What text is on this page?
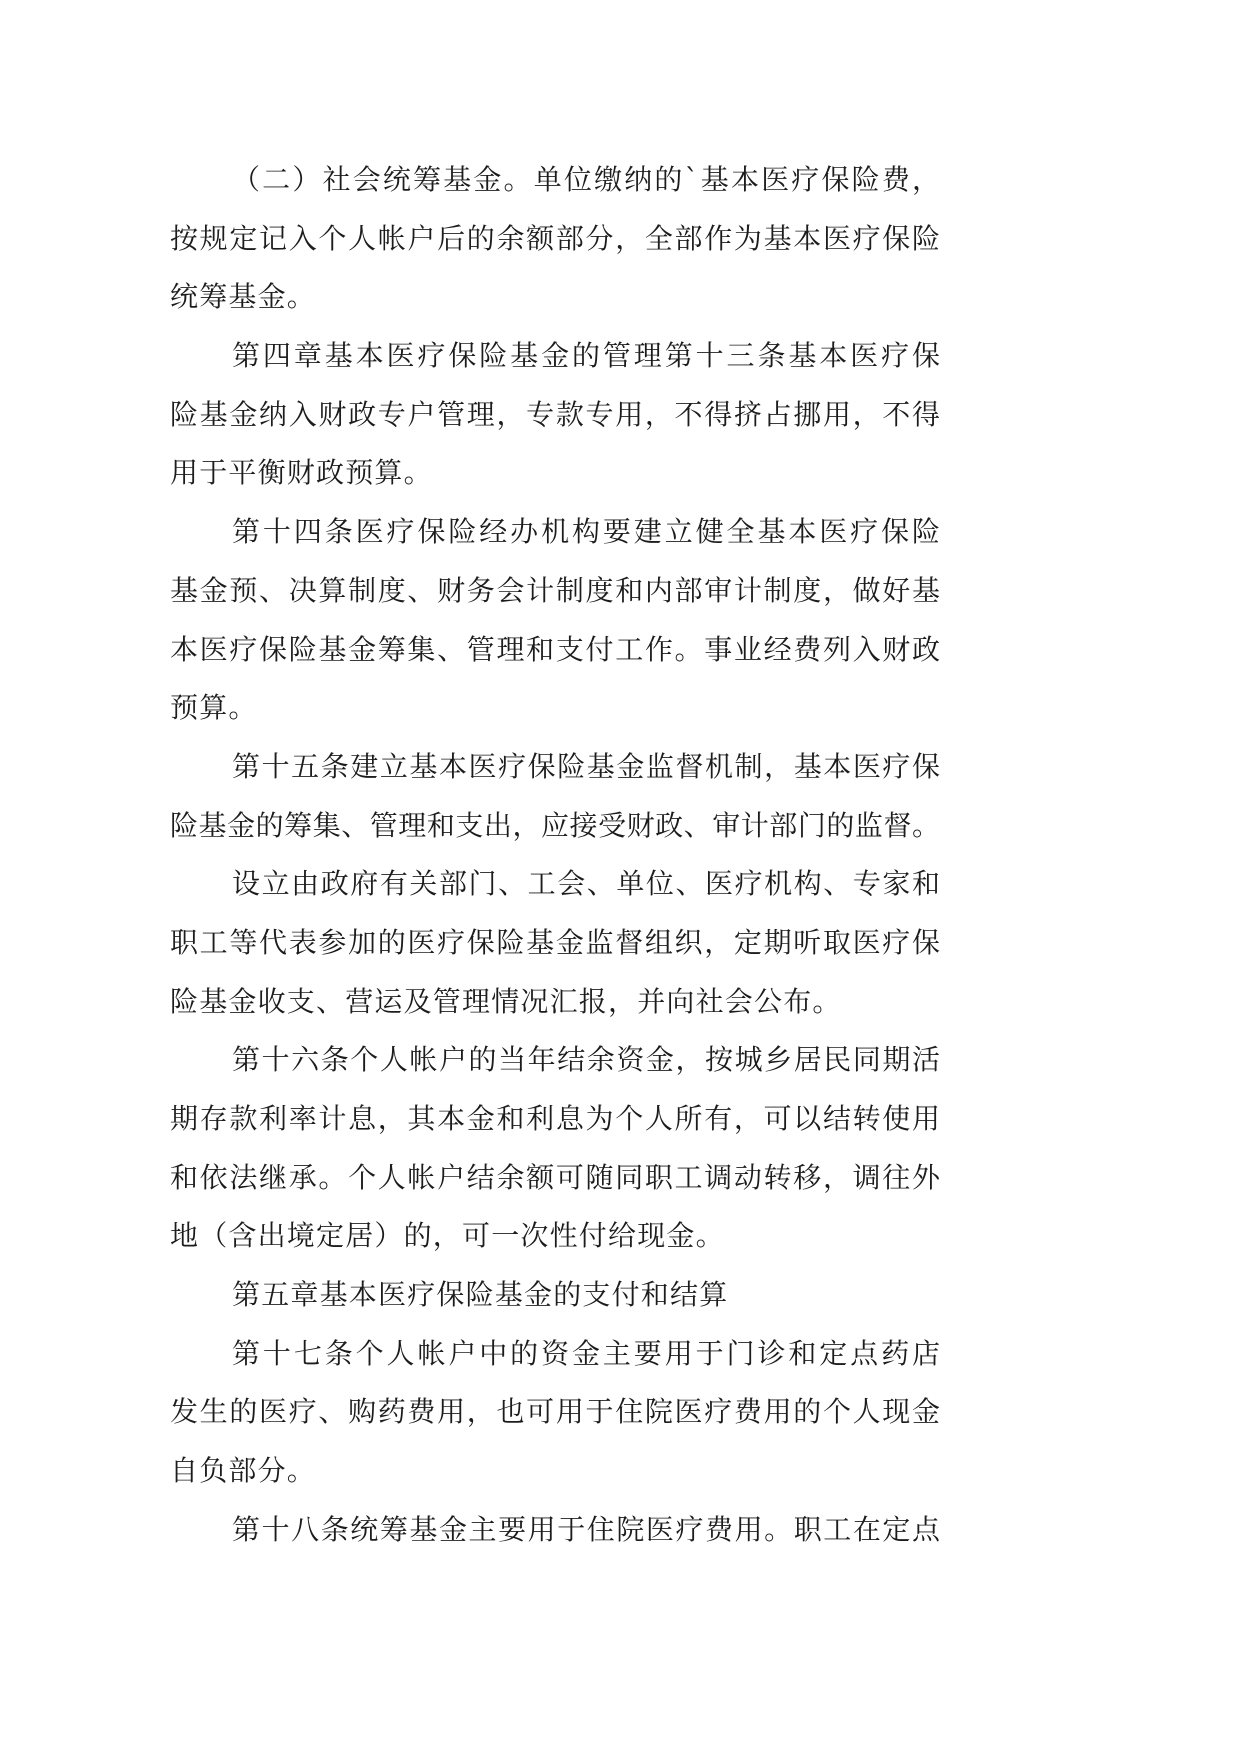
（二）社会统筹基金。单位缴纳的`基本医疗保险费，
按规定记入个人帐户后的余额部分，全部作为基本医疗保险
统筹基金。
第四章基本医疗保险基金的管理第十三条基本医疗保
险基金纳入财政专户管理，专款专用，不得挤占挪用，不得
用于平衡财政预算。
第十四条医疗保险经办机构要建立健全基本医疗保险
基金预、决算制度、财务会计制度和内部审计制度，做好基
本医疗保险基金筹集、管理和支付工作。事业经费列入财政
预算。
第十五条建立基本医疗保险基金监督机制，基本医疗保
险基金的筹集、管理和支出，应接受财政、审计部门的监督。
设立由政府有关部门、工会、单位、医疗机构、专家和
职工等代表参加的医疗保险基金监督组织，定期听取医疗保
险基金收支、营运及管理情况汇报，并向社会公布。
第十六条个人帐户的当年结余资金，按城乡居民同期活
期存款利率计息，其本金和利息为个人所有，可以结转使用
和依法继承。个人帐户结余额可随同职工调动转移，调往外
地（含出境定居）的，可一次性付给现金。
第五章基本医疗保险基金的支付和结算
第十七条个人帐户中的资金主要用于门诊和定点药店
发生的医疗、购药费用，也可用于住院医疗费用的个人现金
自负部分。
第十八条统筹基金主要用于住院医疗费用。职工在定点
